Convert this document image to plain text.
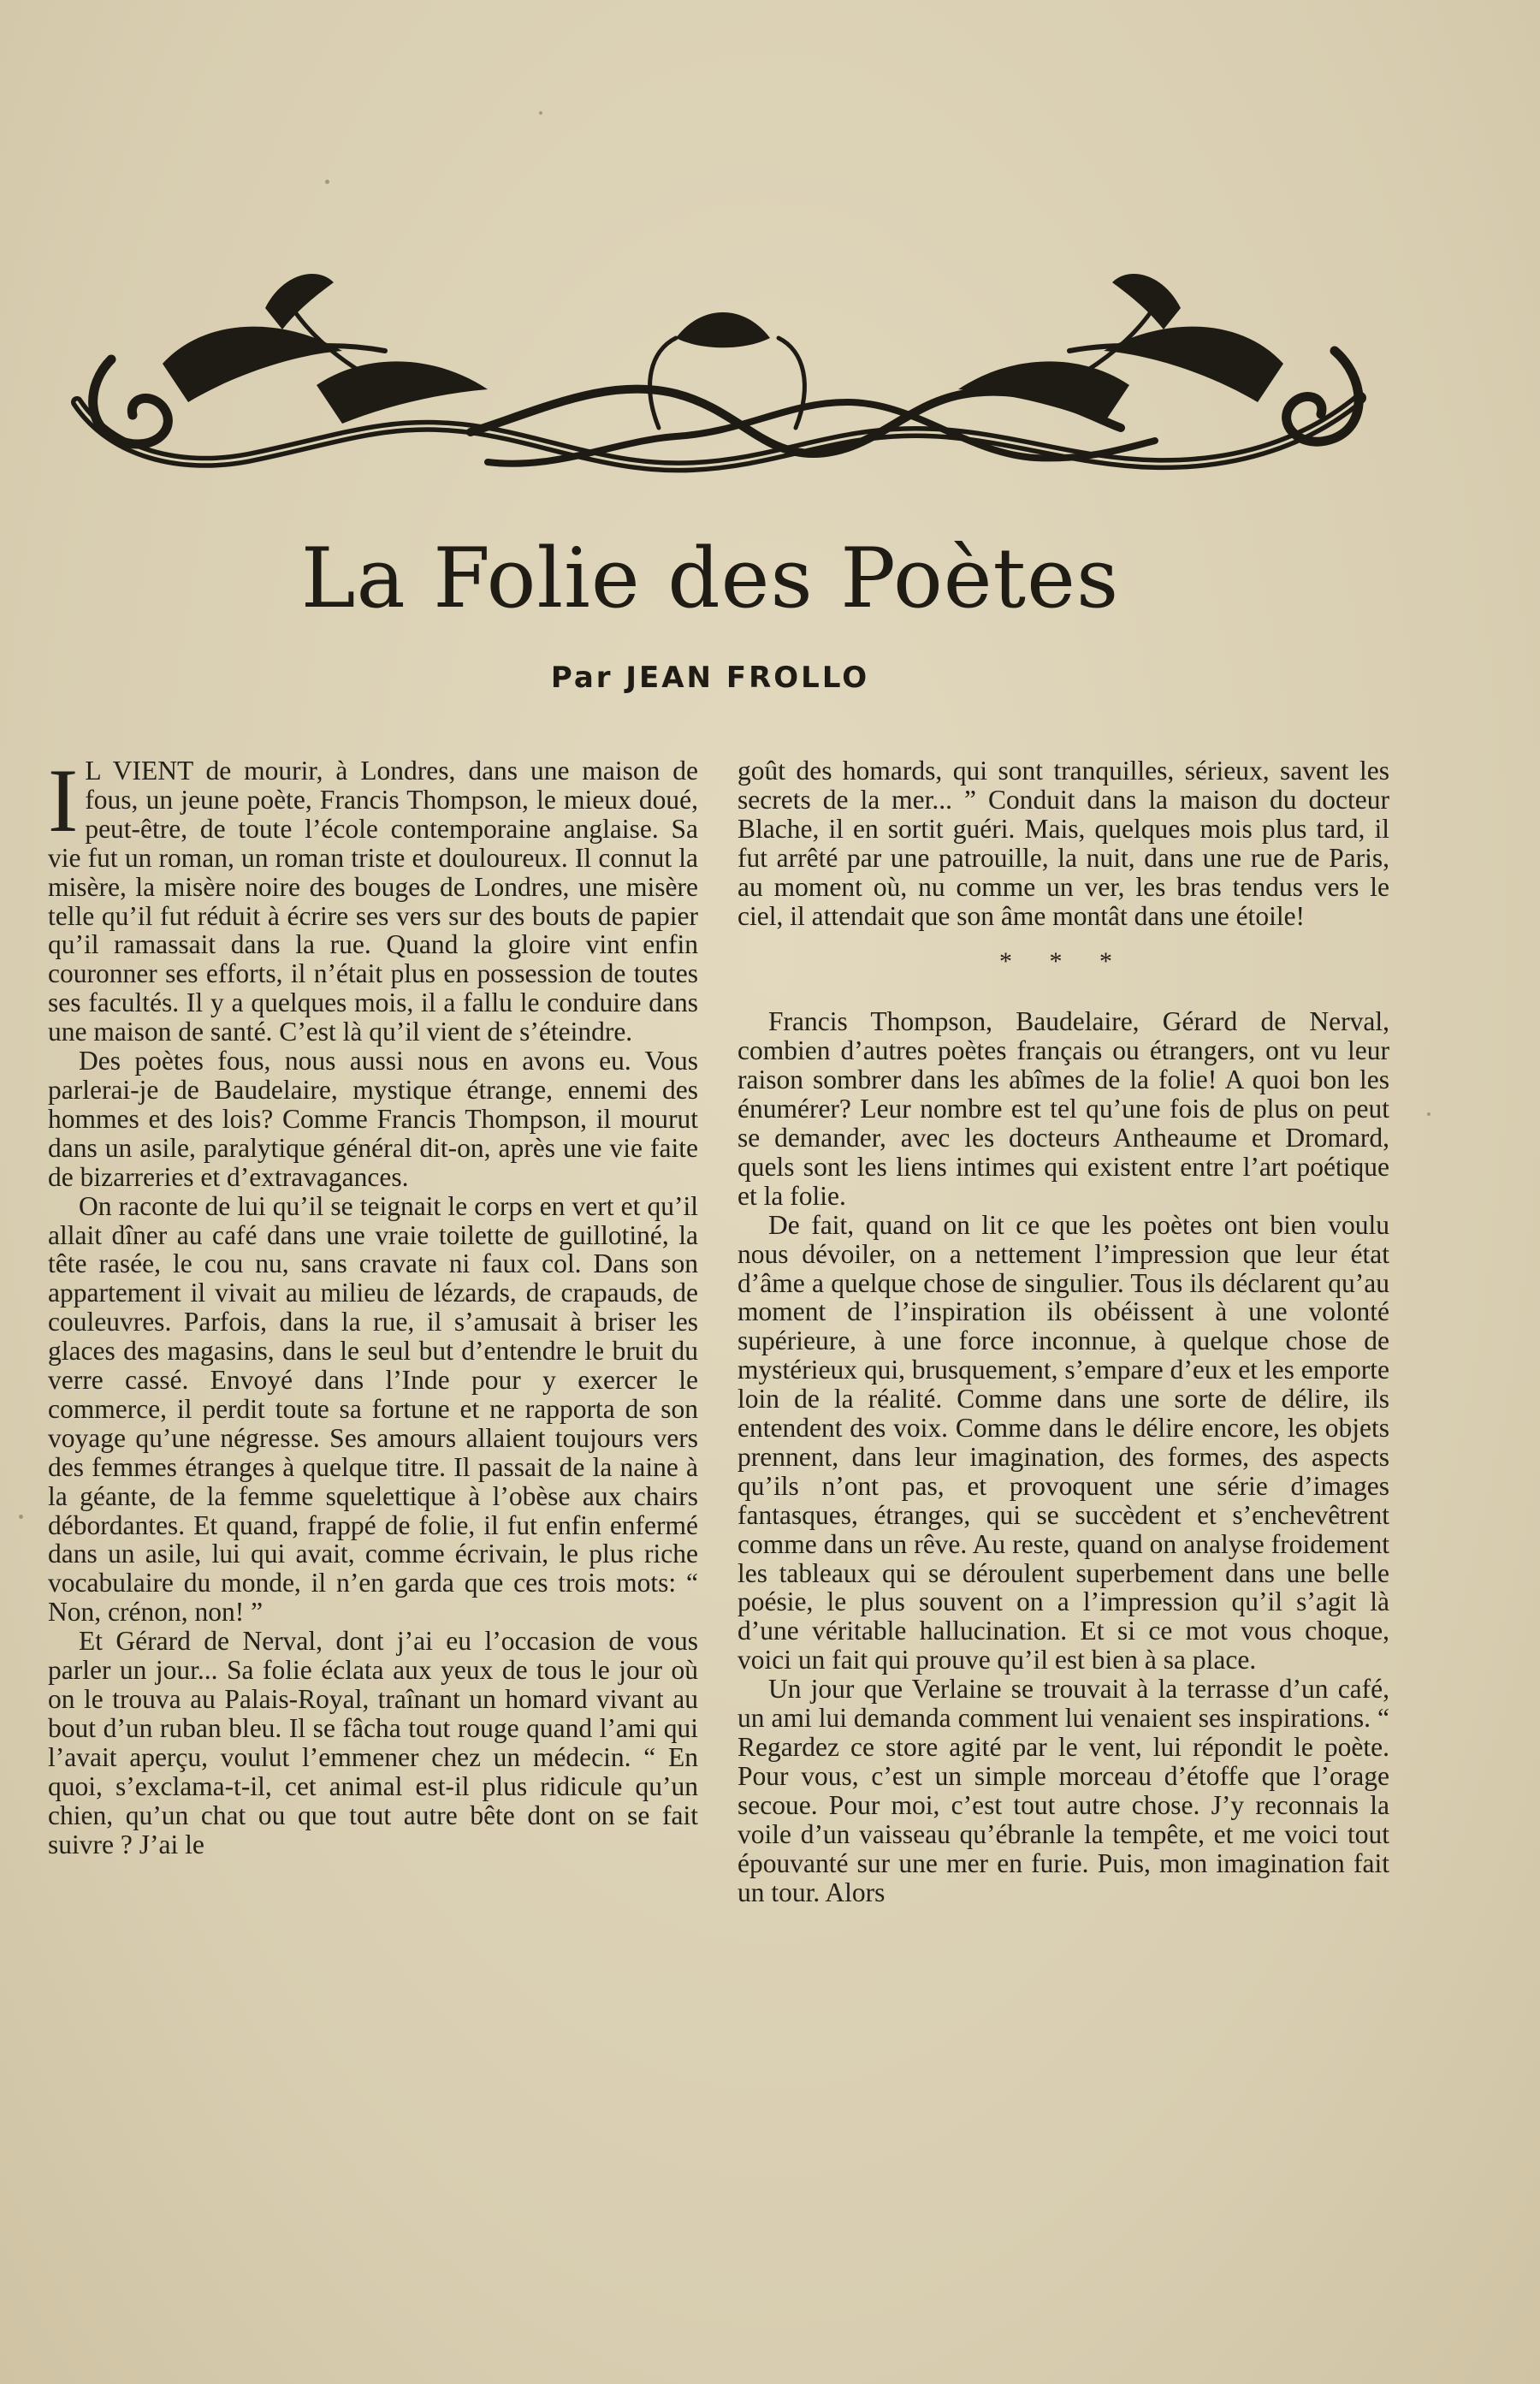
La Folie des Poètes
Par JEAN FROLLO

I L VIENT de mourir, à Londres, dans une maison de fous, un jeune poète, Francis Thompson, le mieux doué, peut-être, de toute l’école contemporaine anglaise. Sa vie fut un roman, un roman triste et douloureux. Il connut la misère, la misère noire des bouges de Londres, une misère telle qu’il fut réduit à écrire ses vers sur des bouts de papier qu’il ramassait dans la rue. Quand la gloire vint enfin couronner ses efforts, il n’était plus en possession de toutes ses facultés. Il y a quelques mois, il a fallu le conduire dans une maison de santé. C’est là qu’il vient de s’éteindre.

Des poètes fous, nous aussi nous en avons eu. Vous parlerai-je de Baudelaire, mystique étrange, ennemi des hommes et des lois? Comme Francis Thompson, il mourut dans un asile, paralytique général dit-on, après une vie faite de bizarreries et d’extravagances.

On raconte de lui qu’il se teignait le corps en vert et qu’il allait dîner au café dans une vraie toilette de guillotiné, la tête rasée, le cou nu, sans cravate ni faux col. Dans son appartement il vivait au milieu de lézards, de crapauds, de couleuvres. Parfois, dans la rue, il s’amusait à briser les glaces des magasins, dans le seul but d’entendre le bruit du verre cassé. Envoyé dans l’Inde pour y exercer le commerce, il perdit toute sa fortune et ne rapporta de son voyage qu’une négresse. Ses amours allaient toujours vers des femmes étranges à quelque titre. Il passait de la naine à la géante, de la femme squelettique à l’obèse aux chairs débordantes. Et quand, frappé de folie, il fut enfin enfermé dans un asile, lui qui avait, comme écrivain, le plus riche vocabulaire du monde, il n’en garda que ces trois mots: “ Non, crénon, non! ”

Et Gérard de Nerval, dont j’ai eu l’occasion de vous parler un jour... Sa folie éclata aux yeux de tous le jour où on le trouva au Palais-Royal, traînant un homard vivant au bout d’un ruban bleu. Il se fâcha tout rouge quand l’ami qui l’avait aperçu, voulut l’emmener chez un médecin. “ En quoi, s’exclama-t-il, cet animal est-il plus ridicule qu’un chien, qu’un chat ou que tout autre bête dont on se fait suivre ? J’ai le

goût des homards, qui sont tranquilles, sérieux, savent les secrets de la mer... ” Conduit dans la maison du docteur Blache, il en sortit guéri. Mais, quelques mois plus tard, il fut arrêté par une patrouille, la nuit, dans une rue de Paris, au moment où, nu comme un ver, les bras tendus vers le ciel, il attendait que son âme montât dans une étoile!

* * *

Francis Thompson, Baudelaire, Gérard de Nerval, combien d’autres poètes français ou étrangers, ont vu leur raison sombrer dans les abîmes de la folie! A quoi bon les énumérer? Leur nombre est tel qu’une fois de plus on peut se demander, avec les docteurs Antheaume et Dromard, quels sont les liens intimes qui existent entre l’art poétique et la folie.

De fait, quand on lit ce que les poètes ont bien voulu nous dévoiler, on a nettement l’impression que leur état d’âme a quelque chose de singulier. Tous ils déclarent qu’au moment de l’inspiration ils obéissent à une volonté supérieure, à une force inconnue, à quelque chose de mystérieux qui, brusquement, s’empare d’eux et les emporte loin de la réalité. Comme dans une sorte de délire, ils entendent des voix. Comme dans le délire encore, les objets prennent, dans leur imagination, des formes, des aspects qu’ils n’ont pas, et provoquent une série d’images fantasques, étranges, qui se succèdent et s’enchevêtrent comme dans un rêve. Au reste, quand on analyse froidement les tableaux qui se déroulent superbement dans une belle poésie, le plus souvent on a l’impression qu’il s’agit là d’une véritable hallucination. Et si ce mot vous choque, voici un fait qui prouve qu’il est bien à sa place.

Un jour que Verlaine se trouvait à la terrasse d’un café, un ami lui demanda comment lui venaient ses inspirations. “ Regardez ce store agité par le vent, lui répondit le poète. Pour vous, c’est un simple morceau d’étoffe que l’orage secoue. Pour moi, c’est tout autre chose. J’y reconnais la voile d’un vaisseau qu’ébranle la tempête, et me voici tout épouvanté sur une mer en furie. Puis, mon imagination fait un tour. Alors
